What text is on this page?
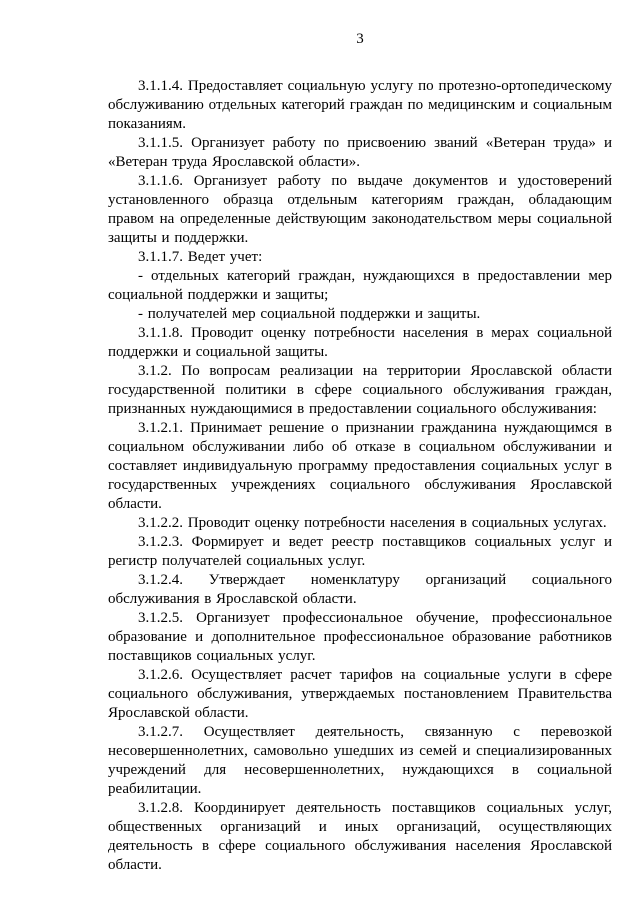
3

3.1.1.4. Предоставляет социальную услугу по протезно-ортопедическому обслуживанию отдельных категорий граждан по медицинским и социальным показаниям.

3.1.1.5. Организует работу по присвоению званий «Ветеран труда» и «Ветеран труда Ярославской области».

3.1.1.6. Организует работу по выдаче документов и удостоверений установленного образца отдельным категориям граждан, обладающим правом на определенные действующим законодательством меры социальной защиты и поддержки.

3.1.1.7. Ведет учет:

- отдельных категорий граждан, нуждающихся в предоставлении мер социальной поддержки и защиты;

- получателей мер социальной поддержки и защиты.

3.1.1.8. Проводит оценку потребности населения в мерах социальной поддержки и социальной защиты.

3.1.2. По вопросам реализации на территории Ярославской области государственной политики в сфере социального обслуживания граждан, признанных нуждающимися в предоставлении социального обслуживания:

3.1.2.1. Принимает решение о признании гражданина нуждающимся в социальном обслуживании либо об отказе в социальном обслуживании и составляет индивидуальную программу предоставления социальных услуг в государственных учреждениях социального обслуживания Ярославской области.

3.1.2.2. Проводит оценку потребности населения в социальных услугах.

3.1.2.3. Формирует и ведет реестр поставщиков социальных услуг и регистр получателей социальных услуг.

3.1.2.4. Утверждает номенклатуру организаций социального обслуживания в Ярославской области.

3.1.2.5. Организует профессиональное обучение, профессиональное образование и дополнительное профессиональное образование работников поставщиков социальных услуг.

3.1.2.6. Осуществляет расчет тарифов на социальные услуги в сфере социального обслуживания, утверждаемых постановлением Правительства Ярославской области.

3.1.2.7. Осуществляет деятельность, связанную с перевозкой несовершеннолетних, самовольно ушедших из семей и специализированных учреждений для несовершеннолетних, нуждающихся в социальной реабилитации.

3.1.2.8. Координирует деятельность поставщиков социальных услуг, общественных организаций и иных организаций, осуществляющих деятельность в сфере социального обслуживания населения Ярославской области.
